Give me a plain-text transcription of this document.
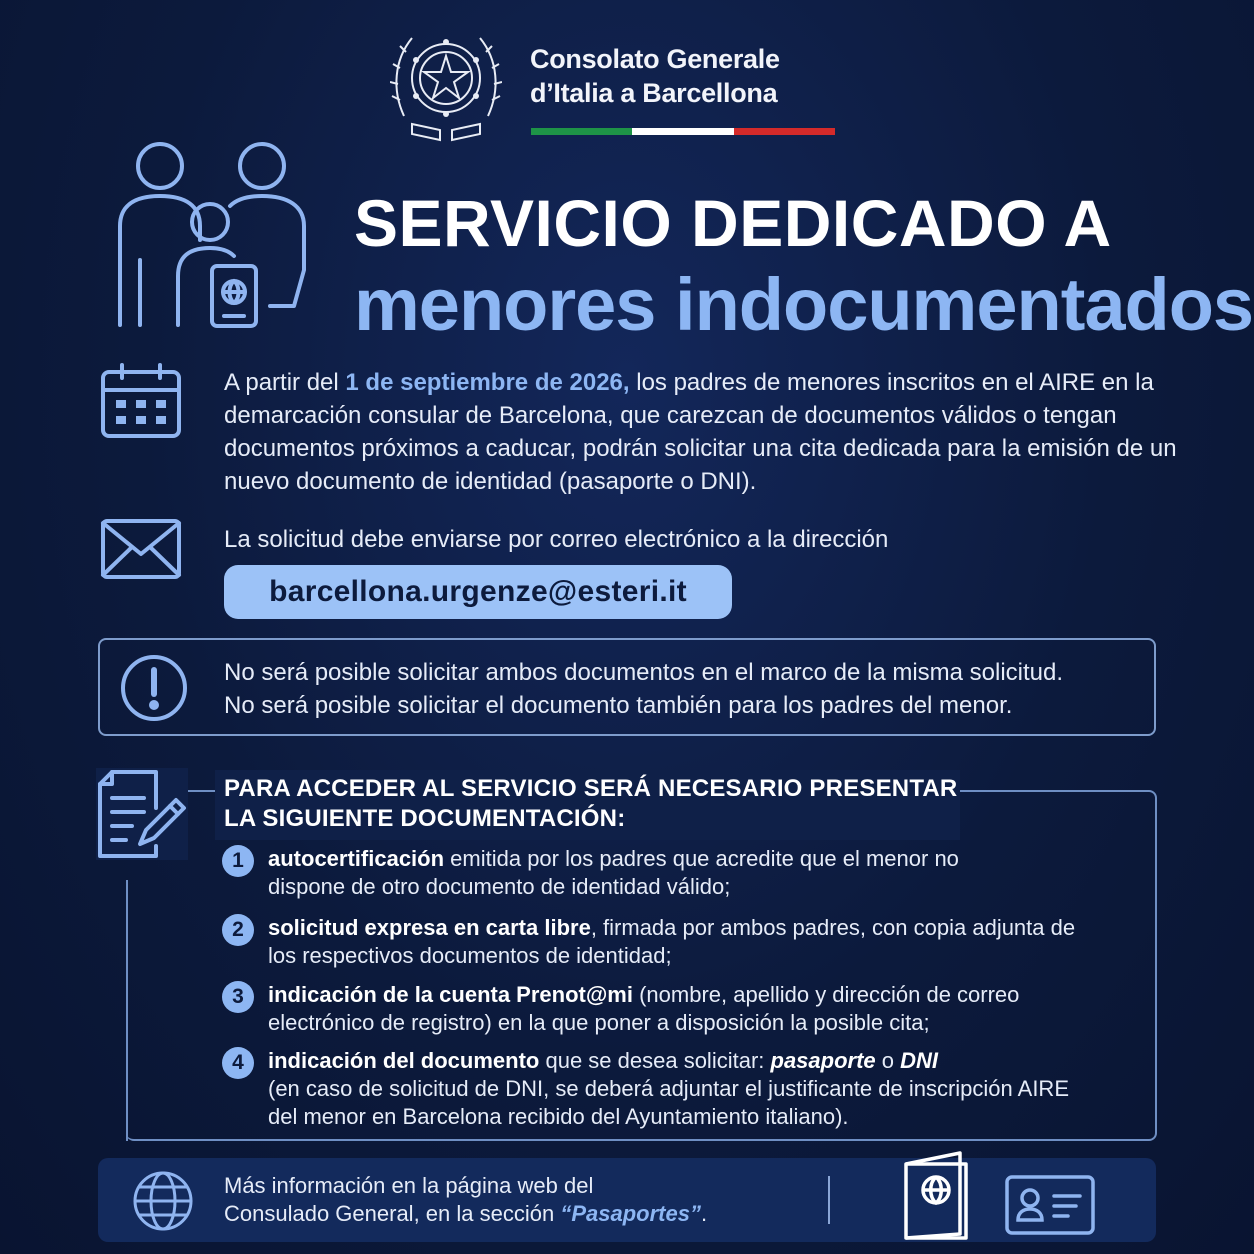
Consolato Generale
d’Italia a Barcellona
SERVICIO DEDICADO A
menores indocumentados
A partir del 1 de septiembre de 2026, los padres de menores inscritos en el AIRE en la demarcación consular de Barcelona, que carezcan de documentos válidos o tengan documentos próximos a caducar, podrán solicitar una cita dedicada para la emisión de un nuevo documento de identidad (pasaporte o DNI).
La solicitud debe enviarse por correo electrónico a la dirección
barcellona.urgenze@esteri.it
No será posible solicitar ambos documentos en el marco de la misma solicitud.
No será posible solicitar el documento también para los padres del menor.
PARA ACCEDER AL SERVICIO SERÁ NECESARIO PRESENTAR
LA SIGUIENTE DOCUMENTACIÓN:
1	autocertificación emitida por los padres que acredite que el menor no dispone de otro documento de identidad válido;
2	solicitud expresa en carta libre, firmada por ambos padres, con copia adjunta de los respectivos documentos de identidad;
3	indicación de la cuenta Prenot@mi (nombre, apellido y dirección de correo electrónico de registro) en la que poner a disposición la posible cita;
4	indicación del documento que se desea solicitar: pasaporte o DNI
(en caso de solicitud de DNI, se deberá adjuntar el justificante de inscripción AIRE del menor en Barcelona recibido del Ayuntamiento italiano).
Más información en la página web del
Consulado General, en la sección “Pasaportes”.
